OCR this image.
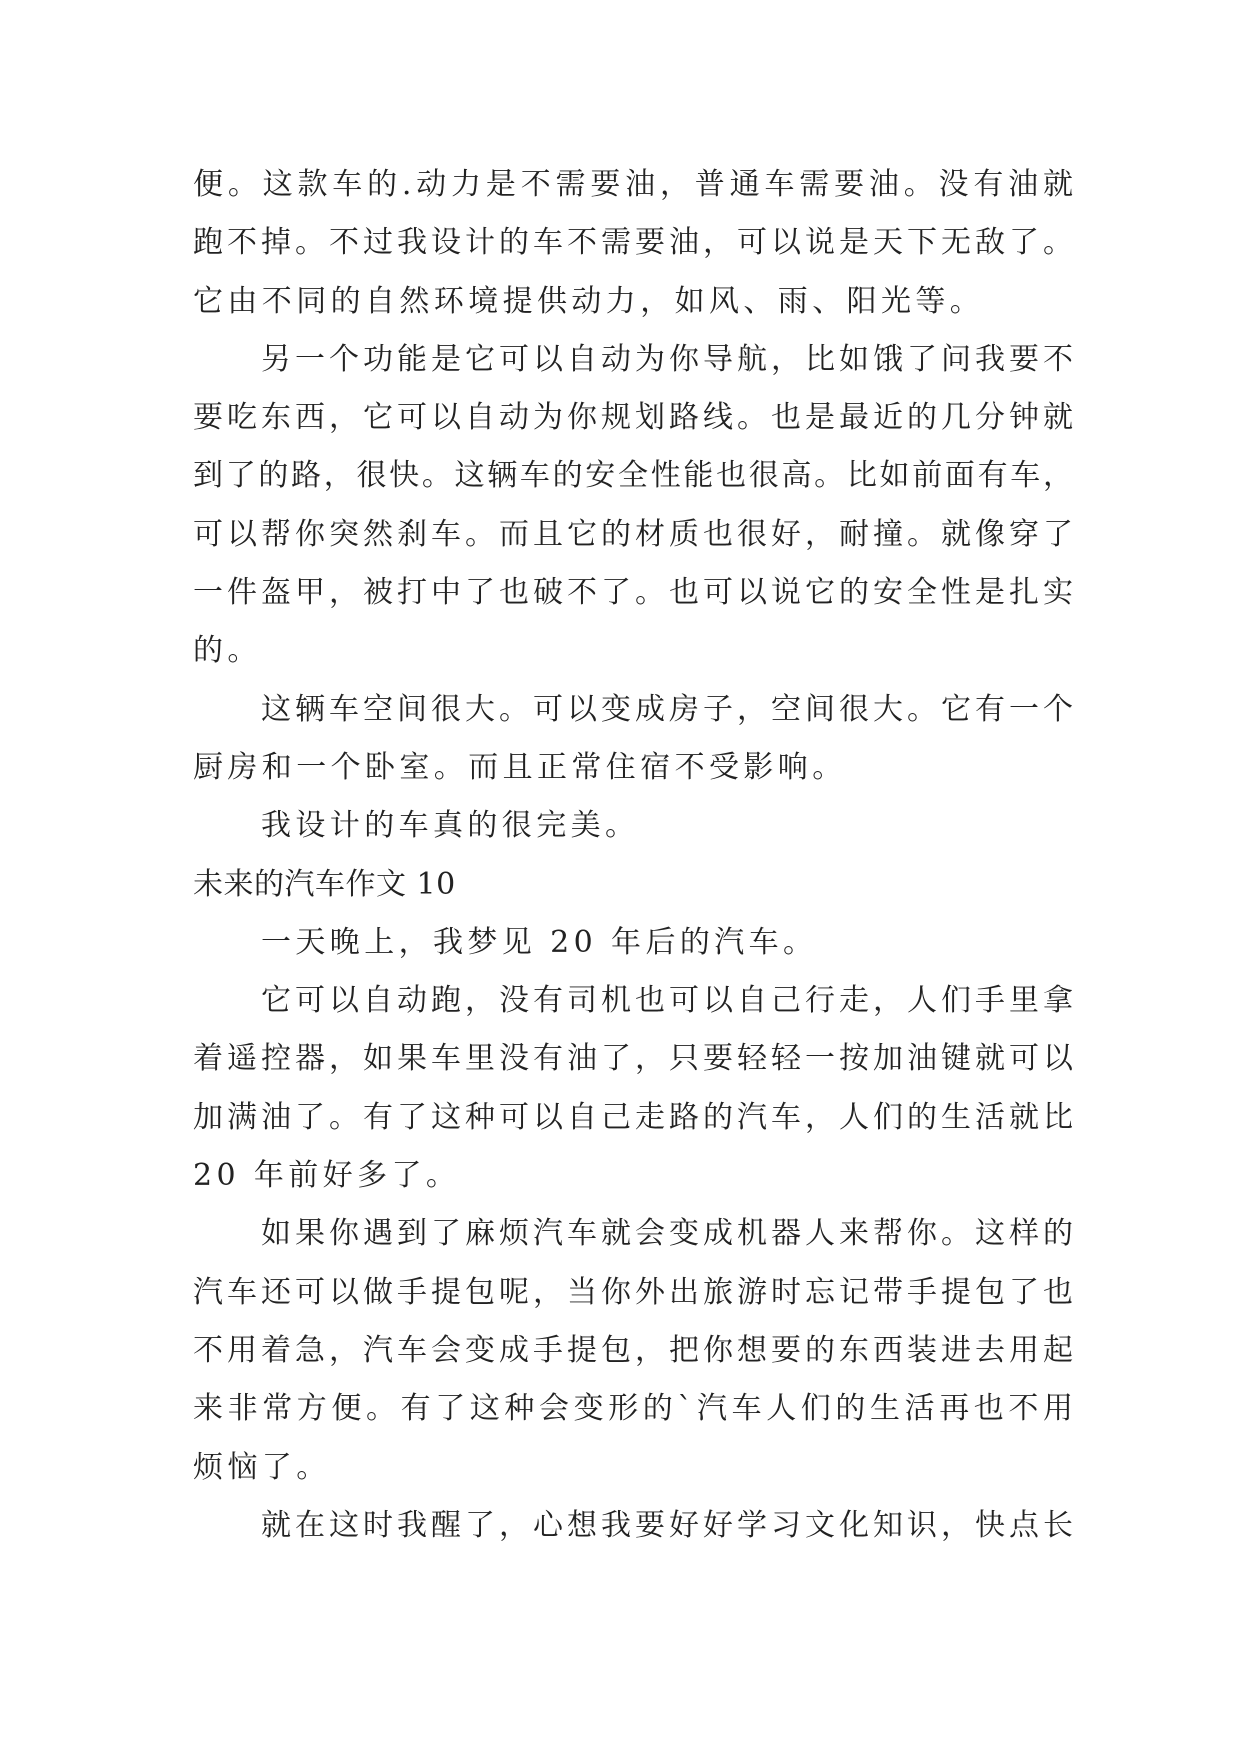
便。这款车的.动力是不需要油，普通车需要油。没有油就
跑不掉。不过我设计的车不需要油，可以说是天下无敌了。
它由不同的自然环境提供动力，如风、雨、阳光等。
另一个功能是它可以自动为你导航，比如饿了问我要不
要吃东西，它可以自动为你规划路线。也是最近的几分钟就
到了的路，很快。这辆车的安全性能也很高。比如前面有车，
可以帮你突然刹车。而且它的材质也很好，耐撞。就像穿了
一件盔甲，被打中了也破不了。也可以说它的安全性是扎实
的。
这辆车空间很大。可以变成房子，空间很大。它有一个
厨房和一个卧室。而且正常住宿不受影响。
我设计的车真的很完美。
未来的汽车作文 10
一天晚上，我梦见 20 年后的汽车。
它可以自动跑，没有司机也可以自己行走，人们手里拿
着遥控器，如果车里没有油了，只要轻轻一按加油键就可以
加满油了。有了这种可以自己走路的汽车，人们的生活就比
20 年前好多了。
如果你遇到了麻烦汽车就会变成机器人来帮你。这样的
汽车还可以做手提包呢，当你外出旅游时忘记带手提包了也
不用着急，汽车会变成手提包，把你想要的东西装进去用起
来非常方便。有了这种会变形的`汽车人们的生活再也不用
烦恼了。
就在这时我醒了，心想我要好好学习文化知识，快点长
